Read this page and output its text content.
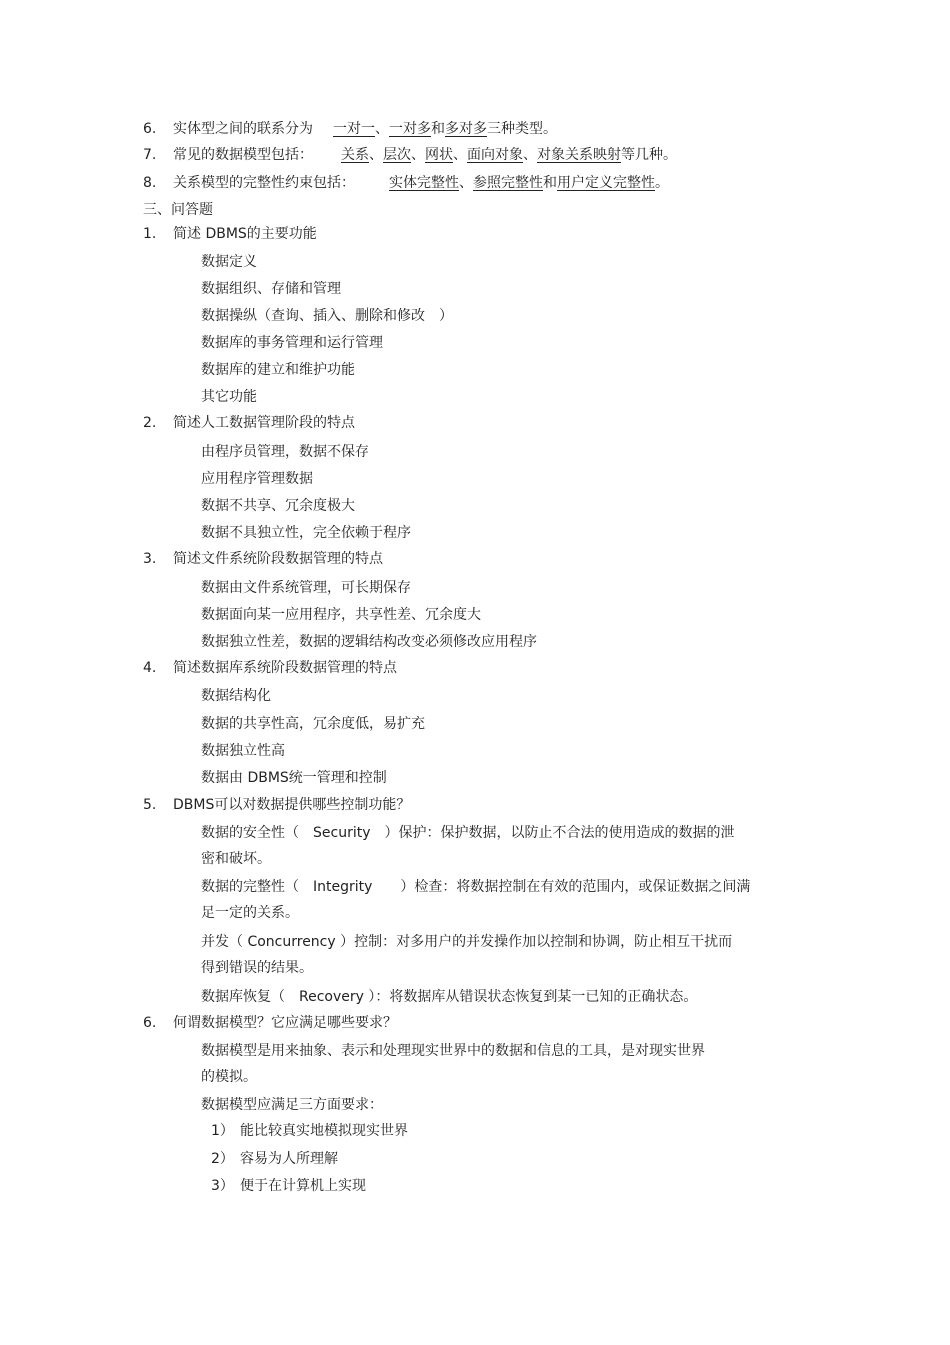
6. 实体型之间的联系分为 一对一、一对多和多对多三种类型。
7. 常见的数据模型包括： 关系、层次、网状、面向对象、对象关系映射等几种。
8. 关系模型的完整性约束包括： 实体完整性、参照完整性和用户定义完整性。
三、问答题
1. 简述 DBMS的主要功能
数据定义
数据组织、存储和管理
数据操纵（查询、插入、删除和修改　）
数据库的事务管理和运行管理
数据库的建立和维护功能
其它功能
2. 简述人工数据管理阶段的特点
由程序员管理，数据不保存
应用程序管理数据
数据不共享、冗余度极大
数据不具独立性，完全依赖于程序
3. 简述文件系统阶段数据管理的特点
数据由文件系统管理，可长期保存
数据面向某一应用程序，共享性差、冗余度大
数据独立性差，数据的逻辑结构改变必须修改应用程序
4. 简述数据库系统阶段数据管理的特点
数据结构化
数据的共享性高，冗余度低，易扩充
数据独立性高
数据由 DBMS统一管理和控制
5. DBMS可以对数据提供哪些控制功能？
数据的安全性（　Security　）保护：保护数据，以防止不合法的使用造成的数据的泄
密和破坏。
数据的完整性（　Integrity　　）检查：将数据控制在有效的范围内，或保证数据之间满
足一定的关系。
并发（ Concurrency ）控制：对多用户的并发操作加以控制和协调，防止相互干扰而
得到错误的结果。
数据库恢复（　Recovery ）：将数据库从错误状态恢复到某一已知的正确状态。
6. 何谓数据模型？它应满足哪些要求？
数据模型是用来抽象、表示和处理现实世界中的数据和信息的工具，是对现实世界
的模拟。
数据模型应满足三方面要求：
1） 能比较真实地模拟现实世界
2） 容易为人所理解
3） 便于在计算机上实现
